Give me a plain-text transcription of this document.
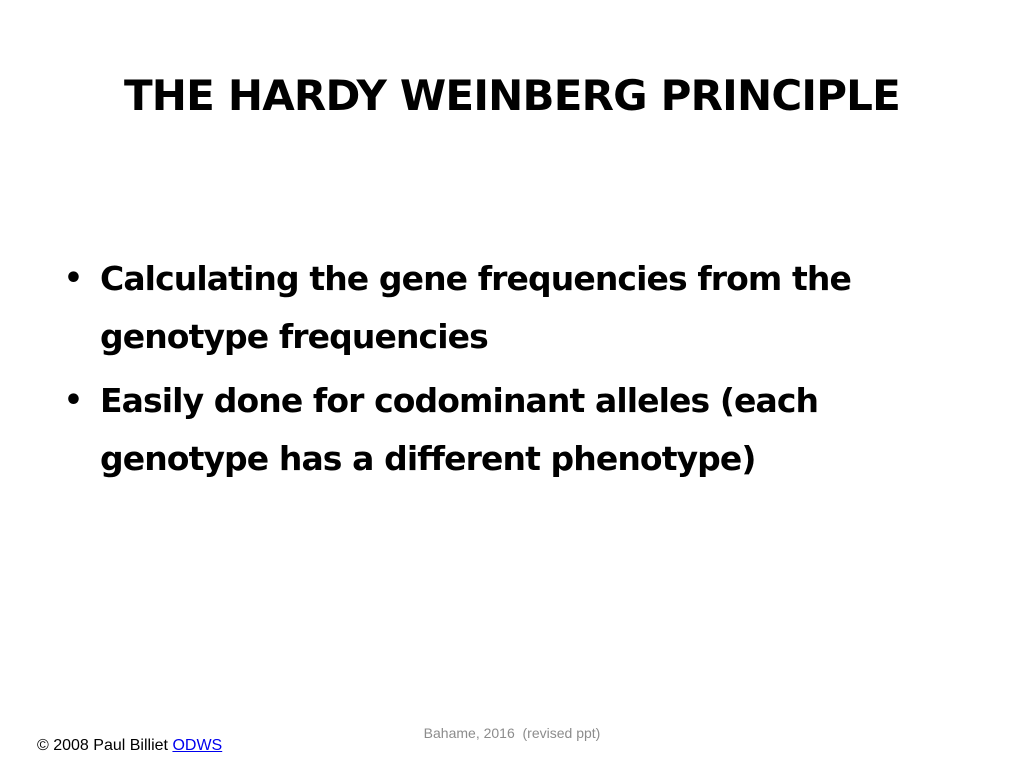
THE HARDY WEINBERG PRINCIPLE
• Calculating the gene frequencies from the
genotype frequencies
• Easily done for codominant alleles (each
genotype has a different phenotype)
Bahame, 2016  (revised ppt)
© 2008 Paul Billiet ODWS
